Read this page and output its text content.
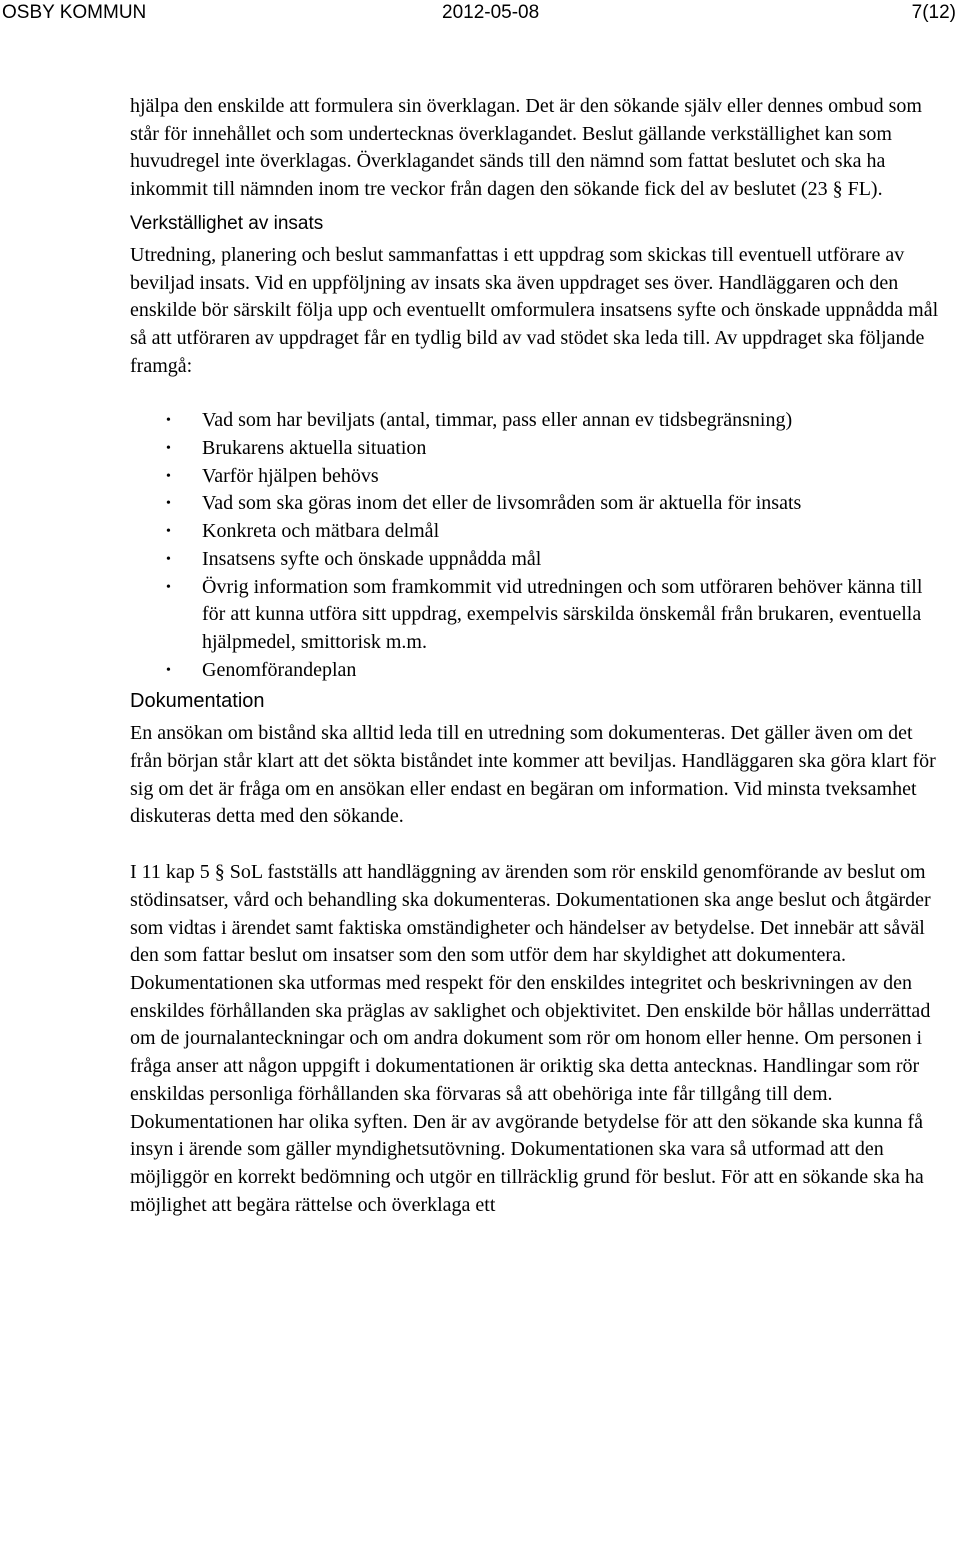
OSBY KOMMUN	2012-05-08	7(12)

hjälpa den enskilde att formulera sin överklagan. Det är den sökande själv eller dennes ombud som står för innehållet och som undertecknas överklagandet. Beslut gällande verkställighet kan som huvudregel inte överklagas. Överklagandet sänds till den nämnd som fattat beslutet och ska ha inkommit till nämnden inom tre veckor från dagen den sökande fick del av beslutet (23 § FL).

Verkställighet av insats

Utredning, planering och beslut sammanfattas i ett uppdrag som skickas till eventuell utförare av beviljad insats. Vid en uppföljning av insats ska även uppdraget ses över. Handläggaren och den enskilde bör särskilt följa upp och eventuellt omformulera insatsens syfte och önskade uppnådda mål så att utföraren av uppdraget får en tydlig bild av vad stödet ska leda till. Av uppdraget ska följande framgå:

• Vad som har beviljats (antal, timmar, pass eller annan ev tidsbegränsning)
• Brukarens aktuella situation
• Varför hjälpen behövs
• Vad som ska göras inom det eller de livsområden som är aktuella för insats
• Konkreta och mätbara delmål
• Insatsens syfte och önskade uppnådda mål
• Övrig information som framkommit vid utredningen och som utföraren behöver känna till för att kunna utföra sitt uppdrag, exempelvis särskilda önskemål från brukaren, eventuella hjälpmedel, smittorisk m.m.
• Genomförandeplan
Dokumentation

En ansökan om bistånd ska alltid leda till en utredning som dokumenteras. Det gäller även om det från början står klart att det sökta biståndet inte kommer att beviljas. Handläggaren ska göra klart för sig om det är fråga om en ansökan eller endast en begäran om information. Vid minsta tveksamhet diskuteras detta med den sökande.

I 11 kap 5 § SoL fastställs att handläggning av ärenden som rör enskild genomförande av beslut om stödinsatser, vård och behandling ska dokumenteras. Dokumentationen ska ange beslut och åtgärder som vidtas i ärendet samt faktiska omständigheter och händelser av betydelse. Det innebär att såväl den som fattar beslut om insatser som den som utför dem har skyldighet att dokumentera. Dokumentationen ska utformas med respekt för den enskildes integritet och beskrivningen av den enskildes förhållanden ska präglas av saklighet och objektivitet. Den enskilde bör hållas underrättad om de journalanteckningar och om andra dokument som rör om honom eller henne. Om personen i fråga anser att någon uppgift i dokumentationen är oriktig ska detta antecknas. Handlingar som rör enskildas personliga förhållanden ska förvaras så att obehöriga inte får tillgång till dem. Dokumentationen har olika syften. Den är av avgörande betydelse för att den sökande ska kunna få insyn i ärende som gäller myndighetsutövning. Dokumentationen ska vara så utformad att den möjliggör en korrekt bedömning och utgör en tillräcklig grund för beslut. För att en sökande ska ha möjlighet att begära rättelse och överklaga ett
